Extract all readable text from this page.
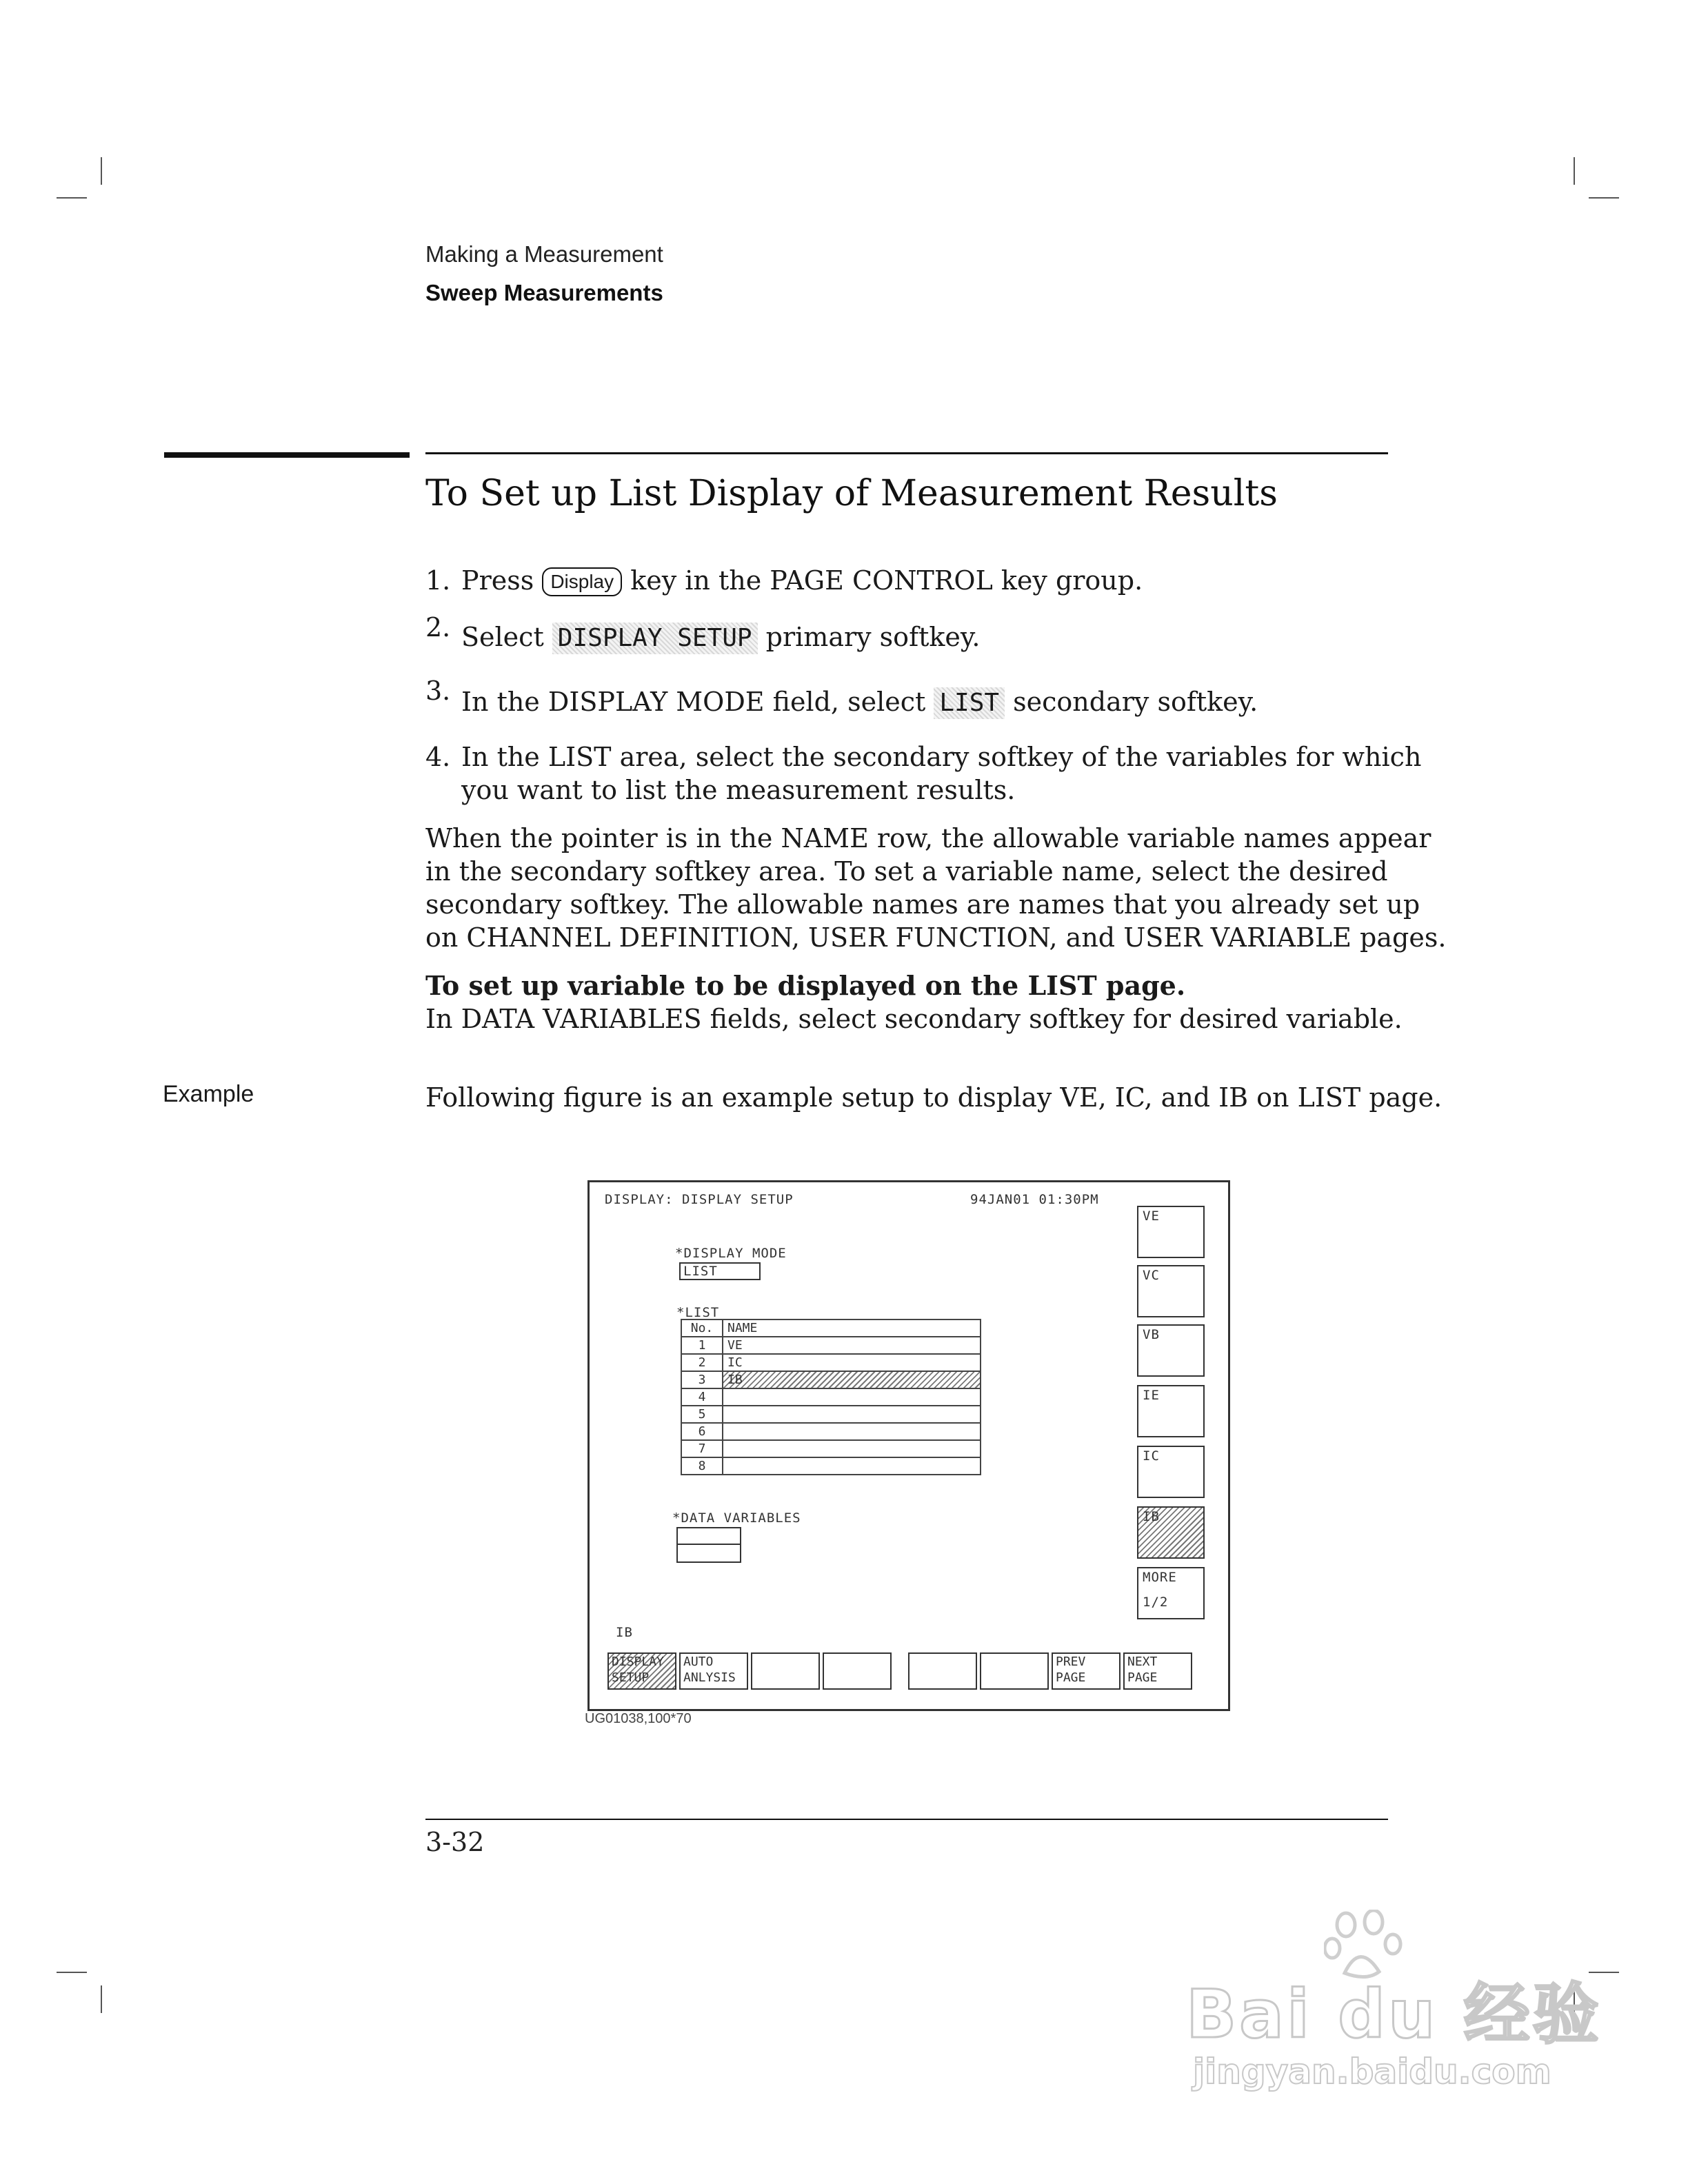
Making a Measurement
Sweep Measurements
To Set up List Display of Measurement Results
1. Press Display key in the PAGE CONTROL key group.
2. Select DISPLAY SETUP primary softkey.
3. In the DISPLAY MODE field, select LIST secondary softkey.
4. In the LIST area, select the secondary softkey of the variables for which
you want to list the measurement results.
When the pointer is in the NAME row, the allowable variable names appear
in the secondary softkey area. To set a variable name, select the desired
secondary softkey. The allowable names are names that you already set up
on CHANNEL DEFINITION, USER FUNCTION, and USER VARIABLE pages.
To set up variable to be displayed on the LIST page.
In DATA VARIABLES fields, select secondary softkey for desired variable.
Example	Following figure is an example setup to display VE, IC, and IB on LIST page.
DISPLAY: DISPLAY SETUP	94JAN01 01:30PM
*DISPLAY MODE
LIST
*LIST
No.	NAME
1	VE
2	IC
3	IB
4	
5	
6	
7	
8	
*DATA VARIABLES
IB
VE
VC
VB
IE
IC
IB
MORE
1/2
DISPLAY
SETUP
AUTO
ANLYSIS
PREV
PAGE
NEXT
PAGE
UG01038,100*70
3-32
Bai du 经验
jingyan.baidu.com
